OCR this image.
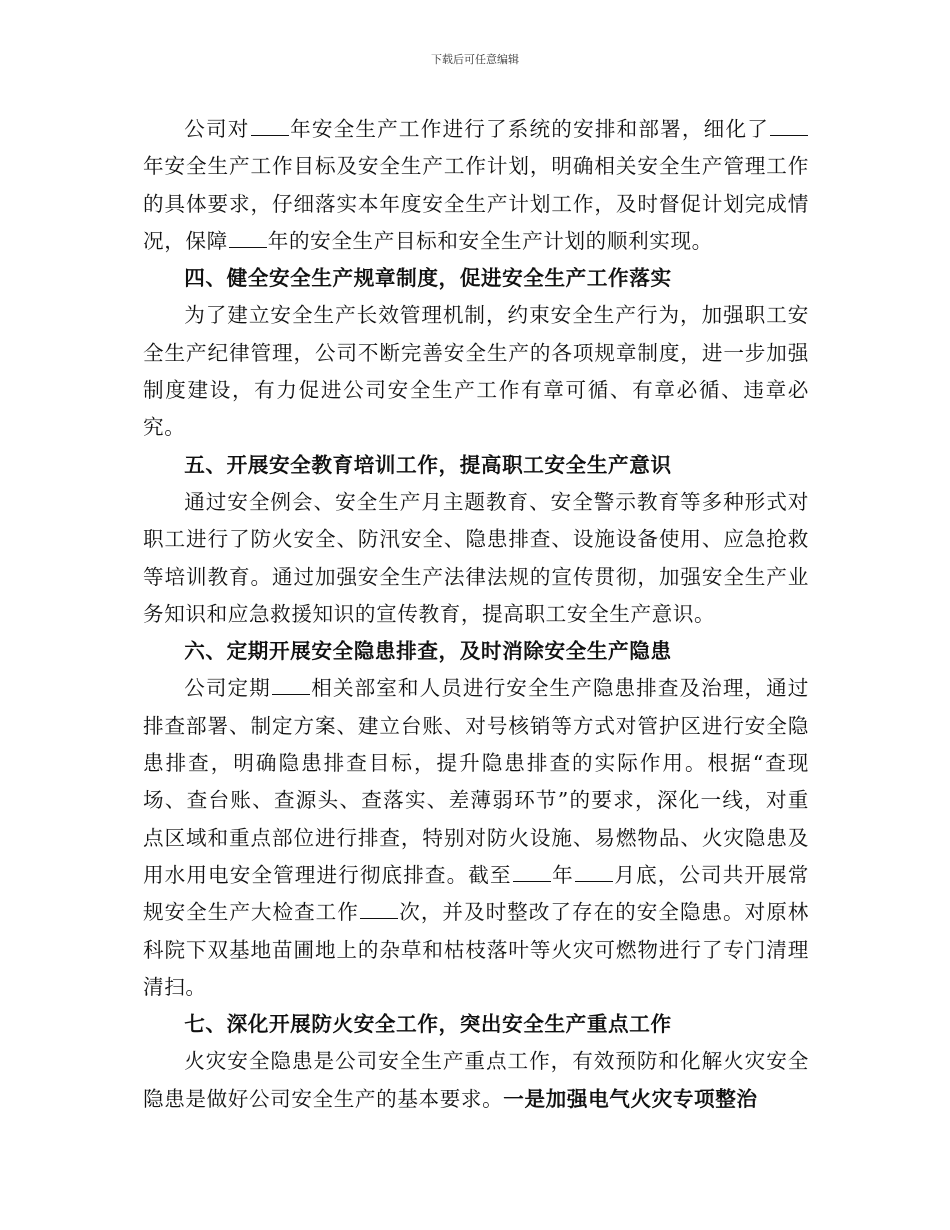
下载后可任意编辑

公司对 年安全生产工作进行了系统的安排和部署，细化了年安全生产工作目标及安全生产工作计划，明确相关安全生产管理工作的具体要求，仔细落实本年度安全生产计划工作，及时督促计划完成情况，保障 年的安全生产目标和安全生产计划的顺利实现。

四、健全安全生产规章制度，促进安全生产工作落实

为了建立安全生产长效管理机制，约束安全生产行为，加强职工安全生产纪律管理，公司不断完善安全生产的各项规章制度，进一步加强制度建设，有力促进公司安全生产工作有章可循、有章必循、违章必究。

五、开展安全教育培训工作，提高职工安全生产意识

通过安全例会、安全生产月主题教育、安全警示教育等多种形式对职工进行了防火安全、防汛安全、隐患排查、设施设备使用、应急抢救等培训教育。通过加强安全生产法律法规的宣传贯彻，加强安全生产业务知识和应急救援知识的宣传教育，提高职工安全生产意识。

六、定期开展安全隐患排查，及时消除安全生产隐患

公司定期 相关部室和人员进行安全生产隐患排查及治理，通过排查部署、制定方案、建立台账、对号核销等方式对管护区进行安全隐患排查，明确隐患排查目标，提升隐患排查的实际作用。根据“查现场、查台账、查源头、查落实、差薄弱环节”的要求，深化一线，对重点区域和重点部位进行排查，特别对防火设施、易燃物品、火灾隐患及用水用电安全管理进行彻底排查。截至 年 月底，公司共开展常规安全生产大检查工作 次，并及时整改了存在的安全隐患。对原林科院下双基地苗圃地上的杂草和枯枝落叶等火灾可燃物进行了专门清理清扫。

七、深化开展防火安全工作，突出安全生产重点工作

火灾安全隐患是公司安全生产重点工作，有效预防和化解火灾安全隐患是做好公司安全生产的基本要求。一是加强电气火灾专项整治
